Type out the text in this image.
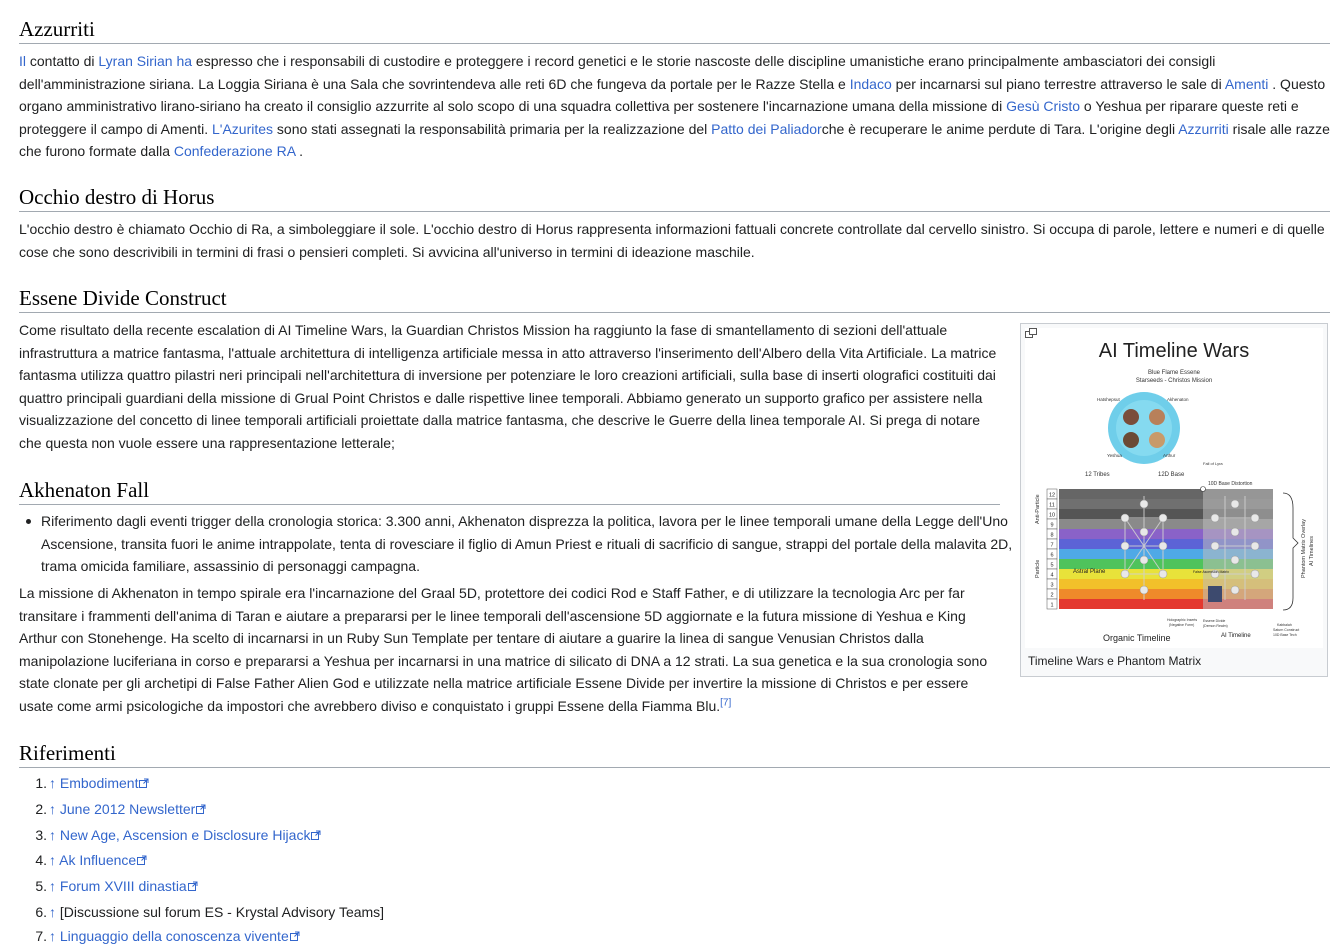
Azzurriti

Il contatto di Lyran Sirian ha espresso che i responsabili di custodire e proteggere i record genetici e le storie nascoste delle discipline umanistiche erano principalmente ambasciatori dei consigli dell'amministrazione siriana. La Loggia Siriana è una Sala che sovrintendeva alle reti 6D che fungeva da portale per le Razze Stella e Indaco per incarnarsi sul piano terrestre attraverso le sale di Amenti . Questo organo amministrativo lirano-siriano ha creato il consiglio azzurrite al solo scopo di una squadra collettiva per sostenere l'incarnazione umana della missione di Gesù Cristo o Yeshua per riparare queste reti e proteggere il campo di Amenti. L'Azurites sono stati assegnati la responsabilità primaria per la realizzazione del Patto dei Paliadorche è recuperare le anime perdute di Tara. L'origine degli Azzurriti risale alle razze che furono formate dalla Confederazione RA .

Occhio destro di Horus

L'occhio destro è chiamato Occhio di Ra, a simboleggiare il sole. L'occhio destro di Horus rappresenta informazioni fattuali concrete controllate dal cervello sinistro. Si occupa di parole, lettere e numeri e di quelle cose che sono descrivibili in termini di frasi o pensieri completi. Si avvicina all'universo in termini di ideazione maschile.

Essene Divide Construct

Come risultato della recente escalation di AI Timeline Wars, la Guardian Christos Mission ha raggiunto la fase di smantellamento di sezioni dell'attuale infrastruttura a matrice fantasma, l'attuale architettura di intelligenza artificiale messa in atto attraverso l'inserimento dell'Albero della Vita Artificiale. La matrice fantasma utilizza quattro pilastri neri principali nell'architettura di inversione per potenziare le loro creazioni artificiali, sulla base di inserti olografici costituiti dai quattro principali guardiani della missione di Grual Point Christos e dalle rispettive linee temporali. Abbiamo generato un supporto grafico per assistere nella visualizzazione del concetto di linee temporali artificiali proiettate dalla matrice fantasma, che descrive le Guerre della linea temporale AI. Si prega di notare che questa non vuole essere una rappresentazione letterale;

AI Timeline Wars
Blue Flame Essene
Starseeds - Christos Mission
Hatshepsut	Akhenaton
Yeshua	Arthur
Fall of Lyra
12 Tribes	12D Base
10D Base Distortion
12
11
10
9
8
7
6
5
4
3
2
1
Anti-Particle
Particle	Phantom Matrix Overlay AI Timelines
Astral Plane	False Ascension Matrix
Holographic Inserts
(Negative Form)
Essene Divide
(Demon Realm)	Kabbalah
Saturn Construct
10D Base Tech
Organic Timeline	AI Timeline
Timeline Wars e Phantom Matrix
Akhenaton Fall
Riferimento dagli eventi trigger della cronologia storica: 3.300 anni, Akhenaton disprezza la politica, lavora per le linee temporali umane della Legge dell'Uno Ascensione, transita fuori le anime intrappolate, tenta di rovesciare il figlio di Amun Priest e rituali di sacrificio di sangue, strappi del portale della malavita 2D, trama omicida familiare, assassinio di personaggi campagna.

La missione di Akhenaton in tempo spirale era l'incarnazione del Graal 5D, protettore dei codici Rod e Staff Father, e di utilizzare la tecnologia Arc per far transitare i frammenti dell'anima di Taran e aiutare a prepararsi per le linee temporali dell'ascensione 5D aggiornate e la futura missione di Yeshua e King Arthur con Stonehenge. Ha scelto di incarnarsi in un Ruby Sun Template per tentare di aiutare a guarire la linea di sangue Venusian Christos dalla manipolazione luciferiana in corso e prepararsi a Yeshua per incarnarsi in una matrice di silicato di DNA a 12 strati. La sua genetica e la sua cronologia sono state clonate per gli archetipi di False Father Alien God e utilizzate nella matrice artificiale Essene Divide per invertire la missione di Christos e per essere usate come armi psicologiche da impostori che avrebbero diviso e conquistato i gruppi Essene della Fiamma Blu.[7]

Riferimenti
1. ↑ Embodiment
2. ↑ June 2012 Newsletter
3. ↑ New Age, Ascension e Disclosure Hijack
4. ↑ Ak Influence
5. ↑ Forum XVIII dinastia
6. ↑ [Discussione sul forum ES - Krystal Advisory Teams]
7. ↑ Linguaggio della conoscenza vivente
